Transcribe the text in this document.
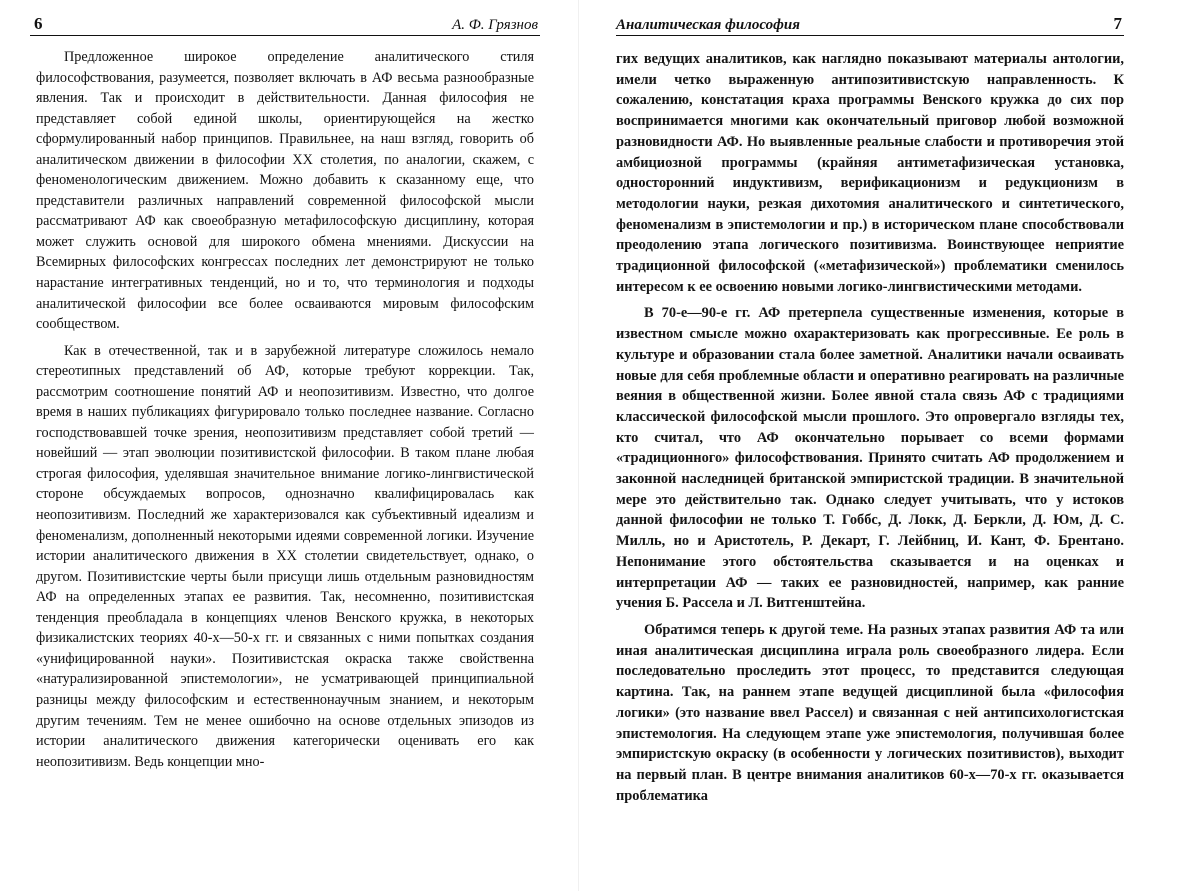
6	А. Ф. Грязнов

Предложенное широкое определение аналитического стиля философствования, разумеется, позволяет включать в АФ весьма разнообразные явления. Так и происходит в действительности. Данная философия не представляет собой единой школы, ориентирующейся на жестко сформулированный набор принципов. Правильнее, на наш взгляд, говорить об аналитическом движении в философии XX столетия, по аналогии, скажем, с феноменологическим движением. Можно добавить к сказанному еще, что представители различных направлений современной философской мысли рассматривают АФ как своеобразную метафилософскую дисциплину, которая может служить основой для широкого обмена мнениями. Дискуссии на Всемирных философских конгрессах последних лет демонстрируют не только нарастание интегративных тенденций, но и то, что терминология и подходы аналитической философии все более осваиваются мировым философским сообществом.

Как в отечественной, так и в зарубежной литературе сложилось немало стереотипных представлений об АФ, которые требуют коррекции. Так, рассмотрим соотношение понятий АФ и неопозитивизм. Известно, что долгое время в наших публикациях фигурировало только последнее название. Согласно господствовавшей точке зрения, неопозитивизм представляет собой третий — новейший — этап эволюции позитивистской философии. В таком плане любая строгая философия, уделявшая значительное внимание логико-лингвистической стороне обсуждаемых вопросов, однозначно квалифицировалась как неопозитивизм. Последний же характеризовался как субъективный идеализм и феноменализм, дополненный некоторыми идеями современной логики. Изучение истории аналитического движения в XX столетии свидетельствует, однако, о другом. Позитивистские черты были присущи лишь отдельным разновидностям АФ на определенных этапах ее развития. Так, несомненно, позитивистская тенденция преобладала в концепциях членов Венского кружка, в некоторых физикалистских теориях 40-х—50-х гг. и связанных с ними попытках создания «унифицированной науки». Позитивистская окраска также свойственна «натурализированной эпистемологии», не усматривающей принципиальной разницы между философским и естественнонаучным знанием, и некоторым другим течениям. Тем не менее ошибочно на основе отдельных эпизодов из истории аналитического движения категорически оценивать его как неопозитивизм. Ведь концепции мно-

Аналитическая философия	7

гих ведущих аналитиков, как наглядно показывают материалы антологии, имели четко выраженную антипозитивистскую направленность. К сожалению, констатация краха программы Венского кружка до сих пор воспринимается многими как окончательный приговор любой возможной разновидности АФ. Но выявленные реальные слабости и противоречия этой амбициозной программы (крайняя антиметафизическая установка, односторонний индуктивизм, верификационизм и редукционизм в методологии науки, резкая дихотомия аналитического и синтетического, феноменализм в эпистемологии и пр.) в историческом плане способствовали преодолению этапа логического позитивизма. Воинствующее неприятие традиционной философской («метафизической») проблематики сменилось интересом к ее освоению новыми логико-лингвистическими методами.

В 70-е—90-е гг. АФ претерпела существенные изменения, которые в известном смысле можно охарактеризовать как прогрессивные. Ее роль в культуре и образовании стала более заметной. Аналитики начали осваивать новые для себя проблемные области и оперативно реагировать на различные веяния в общественной жизни. Более явной стала связь АФ с традициями классической философской мысли прошлого. Это опровергало взгляды тех, кто считал, что АФ окончательно порывает со всеми формами «традиционного» философствования. Принято считать АФ продолжением и законной наследницей британской эмпиристской традиции. В значительной мере это действительно так. Однако следует учитывать, что у истоков данной философии не только Т. Гоббс, Д. Локк, Д. Беркли, Д. Юм, Д. С. Милль, но и Аристотель, Р. Декарт, Г. Лейбниц, И. Кант, Ф. Брентано. Непонимание этого обстоятельства сказывается и на оценках и интерпретации АФ — таких ее разновидностей, например, как ранние учения Б. Рассела и Л. Витгенштейна.

Обратимся теперь к другой теме. На разных этапах развития АФ та или иная аналитическая дисциплина играла роль своеобразного лидера. Если последовательно проследить этот процесс, то представится следующая картина. Так, на раннем этапе ведущей дисциплиной была «философия логики» (это название ввел Рассел) и связанная с ней антипсихологистская эпистемология. На следующем этапе уже эпистемология, получившая более эмпиристскую окраску (в особенности у логических позитивистов), выходит на первый план. В центре внимания аналитиков 60-х—70-х гг. оказывается проблематика
